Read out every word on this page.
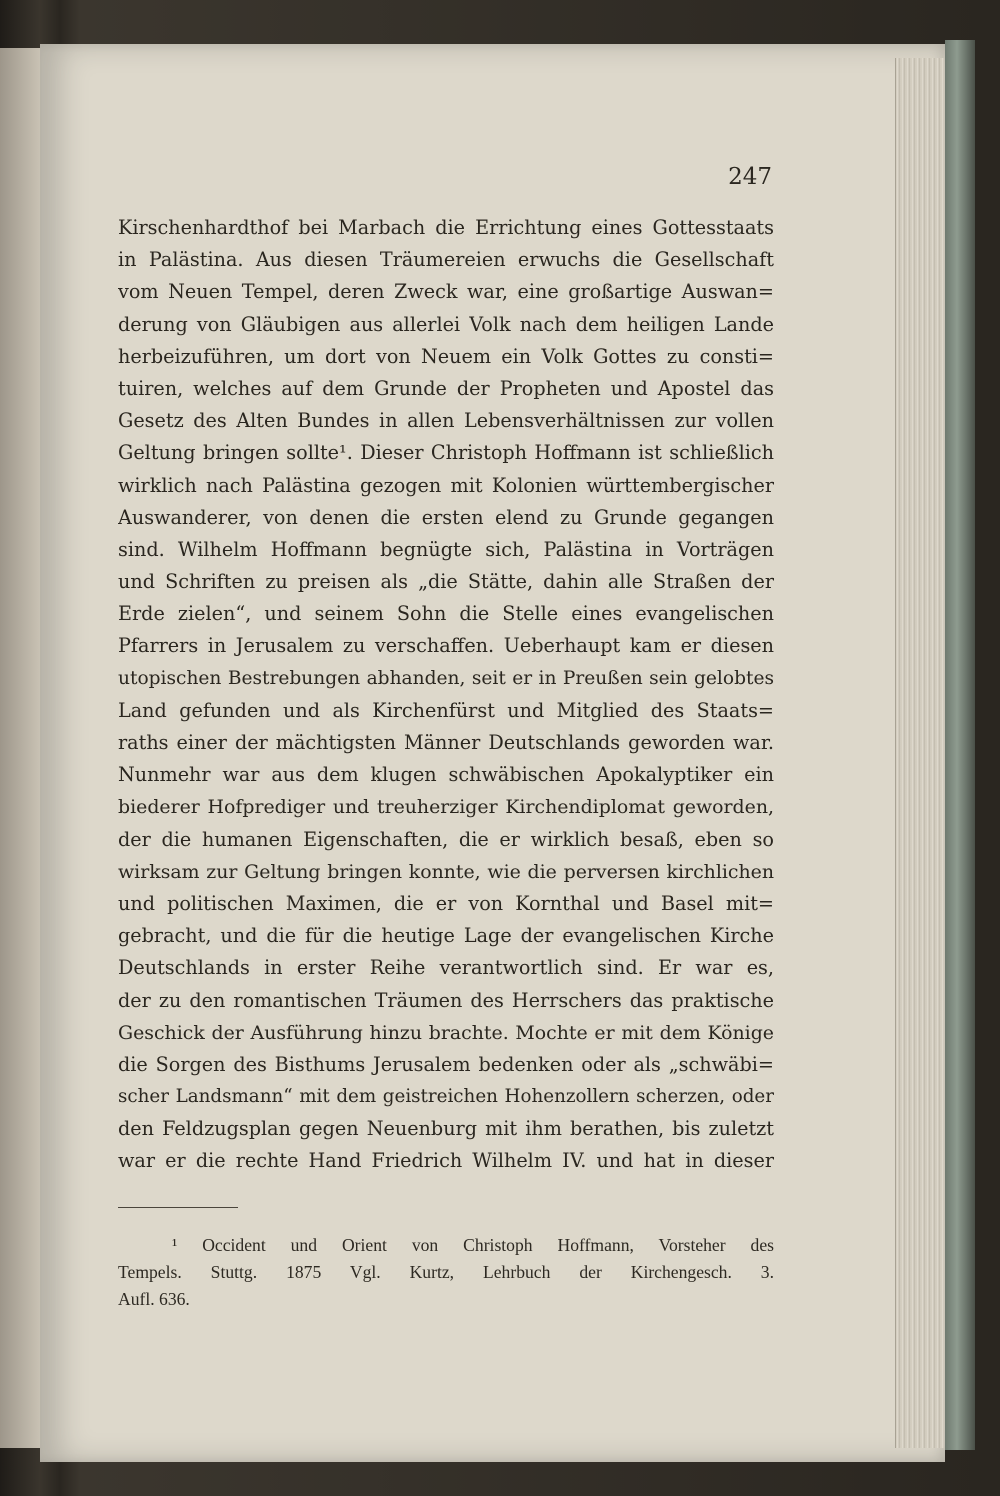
247
Kirschenhardthof bei Marbach die Errichtung eines Gottesstaats
in Palästina. Aus diesen Träumereien erwuchs die Gesellschaft
vom Neuen Tempel, deren Zweck war, eine großartige Auswan=
derung von Gläubigen aus allerlei Volk nach dem heiligen Lande
herbeizuführen, um dort von Neuem ein Volk Gottes zu consti=
tuiren, welches auf dem Grunde der Propheten und Apostel das
Gesetz des Alten Bundes in allen Lebensverhältnissen zur vollen
Geltung bringen sollte¹. Dieser Christoph Hoffmann ist schließlich
wirklich nach Palästina gezogen mit Kolonien württembergischer
Auswanderer, von denen die ersten elend zu Grunde gegangen
sind. Wilhelm Hoffmann begnügte sich, Palästina in Vorträgen
und Schriften zu preisen als „die Stätte, dahin alle Straßen der
Erde zielen“, und seinem Sohn die Stelle eines evangelischen
Pfarrers in Jerusalem zu verschaffen. Ueberhaupt kam er diesen
utopischen Bestrebungen abhanden, seit er in Preußen sein gelobtes
Land gefunden und als Kirchenfürst und Mitglied des Staats=
raths einer der mächtigsten Männer Deutschlands geworden war.
Nunmehr war aus dem klugen schwäbischen Apokalyptiker ein
biederer Hofprediger und treuherziger Kirchendiplomat geworden,
der die humanen Eigenschaften, die er wirklich besaß, eben so
wirksam zur Geltung bringen konnte, wie die perversen kirchlichen
und politischen Maximen, die er von Kornthal und Basel mit=
gebracht, und die für die heutige Lage der evangelischen Kirche
Deutschlands in erster Reihe verantwortlich sind. Er war es,
der zu den romantischen Träumen des Herrschers das praktische
Geschick der Ausführung hinzu brachte. Mochte er mit dem Könige
die Sorgen des Bisthums Jerusalem bedenken oder als „schwäbi=
scher Landsmann“ mit dem geistreichen Hohenzollern scherzen, oder
den Feldzugsplan gegen Neuenburg mit ihm berathen, bis zuletzt
war er die rechte Hand Friedrich Wilhelm IV. und hat in dieser
¹ Occident und Orient von Christoph Hoffmann, Vorsteher des
Tempels. Stuttg. 1875 Vgl. Kurtz, Lehrbuch der Kirchengesch. 3.
Aufl. 636.
